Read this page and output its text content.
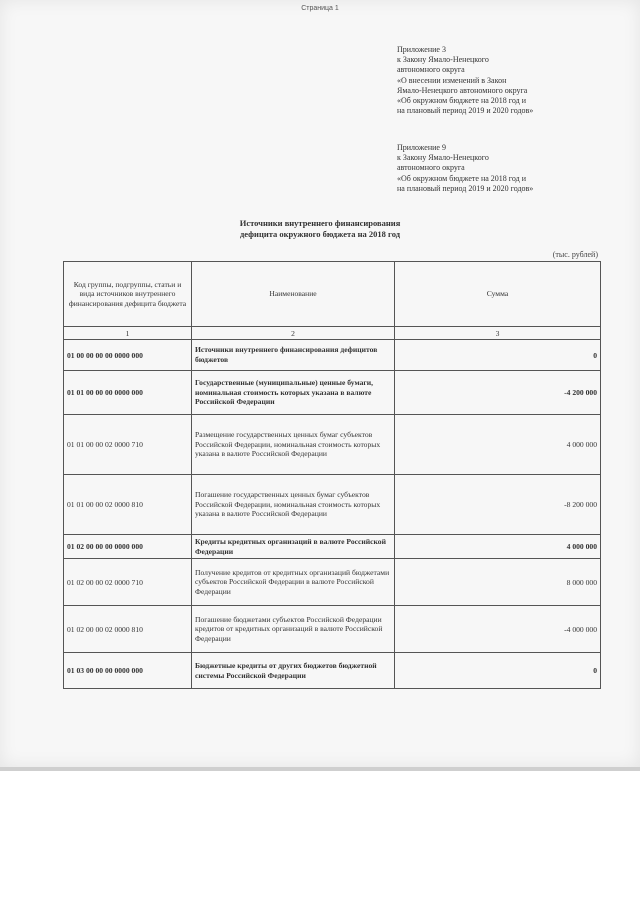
Страница 1
Приложение 3
к Закону Ямало-Ненецкого
автономного округа
«О внесении изменений в Закон
Ямало-Ненецкого автономного округа
«Об окружном бюджете на 2018 год и
на плановый период 2019 и 2020 годов»
Приложение 9
к Закону Ямало-Ненецкого
автономного округа
«Об окружном бюджете на 2018 год и
на плановый период 2019 и 2020 годов»
Источники внутреннего финансирования
дефицита окружного бюджета на 2018 год
(тыс. рублей)
Код группы, подгруппы, статьи и вида источников внутреннего финансирования дефицита бюджета	Наименование	Сумма
1	2	3
01 00 00 00 00 0000 000	Источники внутреннего финансирования дефицитов бюджетов	0
01 01 00 00 00 0000 000	Государственные (муниципальные) ценные бумаги, номинальная стоимость которых указана в валюте Российской Федерации	-4 200 000
01 01 00 00 02 0000 710	Размещение государственных ценных бумаг субъектов Российской Федерации, номинальная стоимость которых указана в валюте Российской Федерации	4 000 000
01 01 00 00 02 0000 810	Погашение государственных ценных бумаг субъектов Российской Федерации, номинальная стоимость которых указана в валюте Российской Федерации	-8 200 000
01 02 00 00 00 0000 000	Кредиты кредитных организаций в валюте Российской Федерации	4 000 000
01 02 00 00 02 0000 710	Получение кредитов от кредитных организаций бюджетами субъектов Российской Федерации в валюте Российской Федерации	8 000 000
01 02 00 00 02 0000 810	Погашение бюджетами субъектов Российской Федерации кредитов от кредитных организаций в валюте Российской Федерации	-4 000 000
01 03 00 00 00 0000 000	Бюджетные кредиты от других бюджетов бюджетной системы Российской Федерации	0
